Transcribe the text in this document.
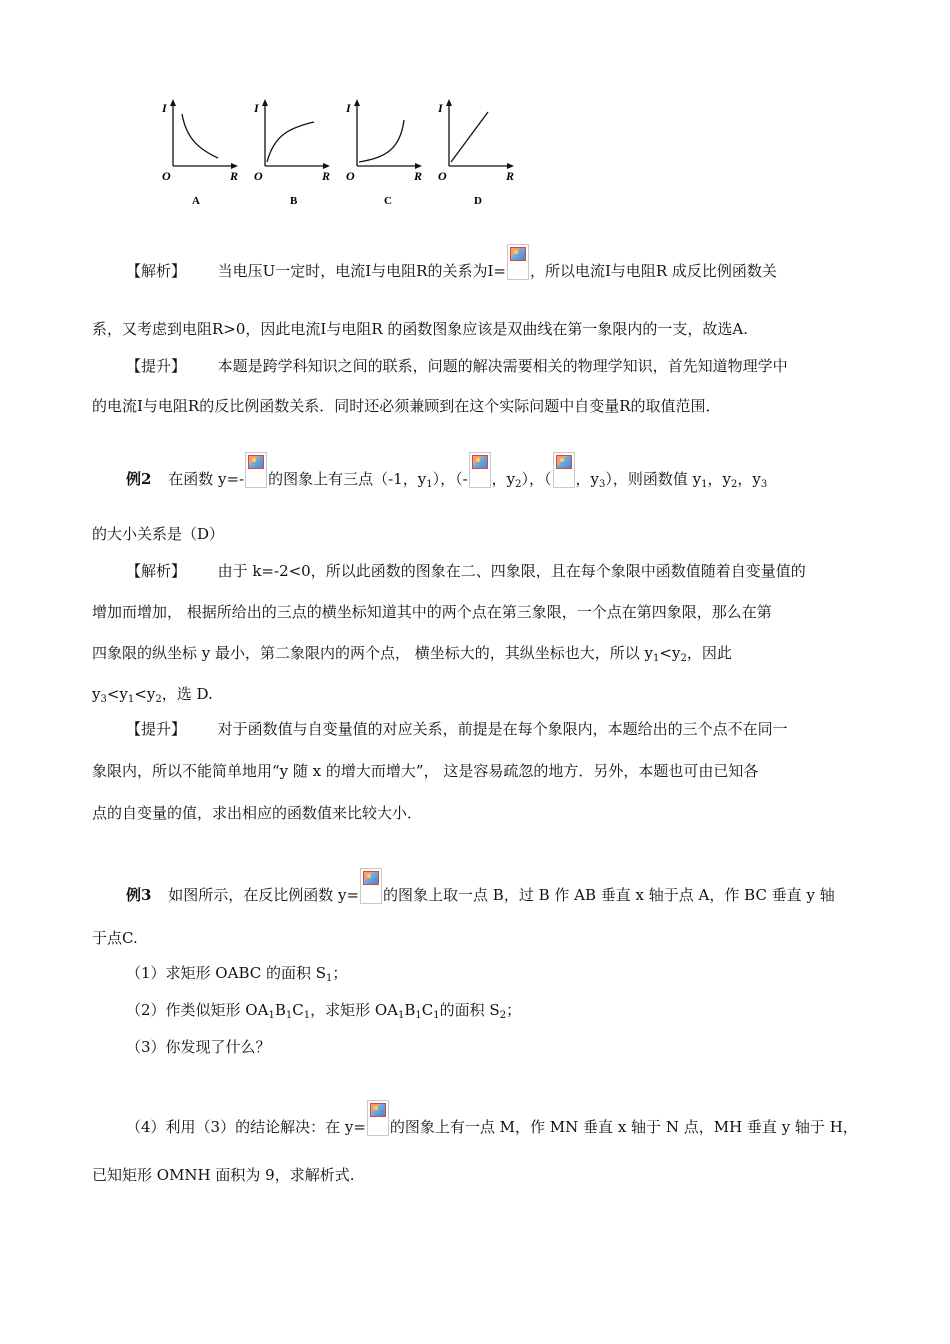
I
O	R
A
I
O	R
B
I
O	R
C
I
O	R
D
【解析】 当电压U一定时，电流I与电阻R的关系为I= ，所以电流I与电阻R 成反比例函数关
系，又考虑到电阻R>0，因此电流I与电阻R 的函数图象应该是双曲线在第一象限内的一支，故选A.
【提升】 本题是跨学科知识之间的联系，问题的解决需要相关的物理学知识，首先知道物理学中
的电流I与电阻R的反比例函数关系．同时还必须兼顾到在这个实际问题中自变量R的取值范围．
例2 在函数 y=- 的图象上有三点（-1，$y_1$），（- ，$y_2$），（ ，$y_3$），则函数值 $y_1$，$y_2$，$y_3$
的大小关系是（D）
【解析】 由于 k=-2<0，所以此函数的图象在二、四象限，且在每个象限中函数值随着自变量值的
增加而增加， 根据所给出的三点的横坐标知道其中的两个点在第三象限，一个点在第四象限，那么在第
四象限的纵坐标 y 最小，第二象限内的两个点， 横坐标大的，其纵坐标也大，所以 $y_1<y_2$，因此
$y_3<y_1<y_2$，选 D.
【提升】 对于函数值与自变量值的对应关系，前提是在每个象限内，本题给出的三个点不在同一
象限内，所以不能简单地用“y 随 x 的增大而增大”， 这是容易疏忽的地方．另外，本题也可由已知各
点的自变量的值，求出相应的函数值来比较大小．
例3 如图所示，在反比例函数 y= 的图象上取一点 B，过 B 作 AB 垂直 x 轴于点 A，作 BC 垂直 y 轴
于点C.
（1）求矩形 OABC 的面积 $S_1$；
（2）作类似矩形 $OA_1B_1C_1$，求矩形 $OA_1B_1C_1$的面积 $S_2$；
（3）你发现了什么？
（4）利用（3）的结论解决：在 y= 的图象上有一点 M，作 MN 垂直 x 轴于 N 点，MH 垂直 y 轴于 H，
已知矩形 OMNH 面积为 9，求解析式.
